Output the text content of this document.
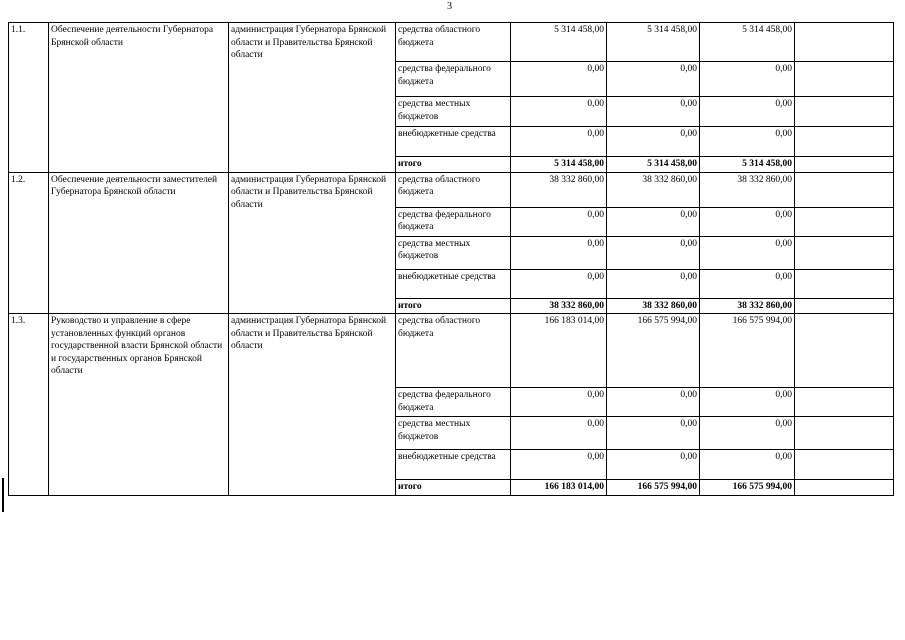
3
1.1.	Обеспечение деятельности Губернатора Брянской области	администрация Губернатора Брянской области и Правительства Брянской области	средства областного бюджета	5 314 458,00	5 314 458,00	5 314 458,00	
			средства федерального бюджета	0,00	0,00	0,00	
			средства местных бюджетов	0,00	0,00	0,00	
			внебюджетные средства	0,00	0,00	0,00	
			итого	5 314 458,00	5 314 458,00	5 314 458,00	
1.2.	Обеспечение деятельности заместителей Губернатора Брянской области	администрация Губернатора Брянской области и Правительства Брянской области	средства областного бюджета	38 332 860,00	38 332 860,00	38 332 860,00	
			средства федерального бюджета	0,00	0,00	0,00	
			средства местных бюджетов	0,00	0,00	0,00	
			внебюджетные средства	0,00	0,00	0,00	
			итого	38 332 860,00	38 332 860,00	38 332 860,00	
1.3.	Руководство и управление в сфере установленных функций органов государственной власти Брянской области и государственных органов Брянской области	администрация Губернатора Брянской области и Правительства Брянской области	средства областного бюджета	166 183 014,00	166 575 994,00	166 575 994,00	
			средства федерального бюджета	0,00	0,00	0,00	
			средства местных бюджетов	0,00	0,00	0,00	
			внебюджетные средства	0,00	0,00	0,00	
			итого	166 183 014,00	166 575 994,00	166 575 994,00	
